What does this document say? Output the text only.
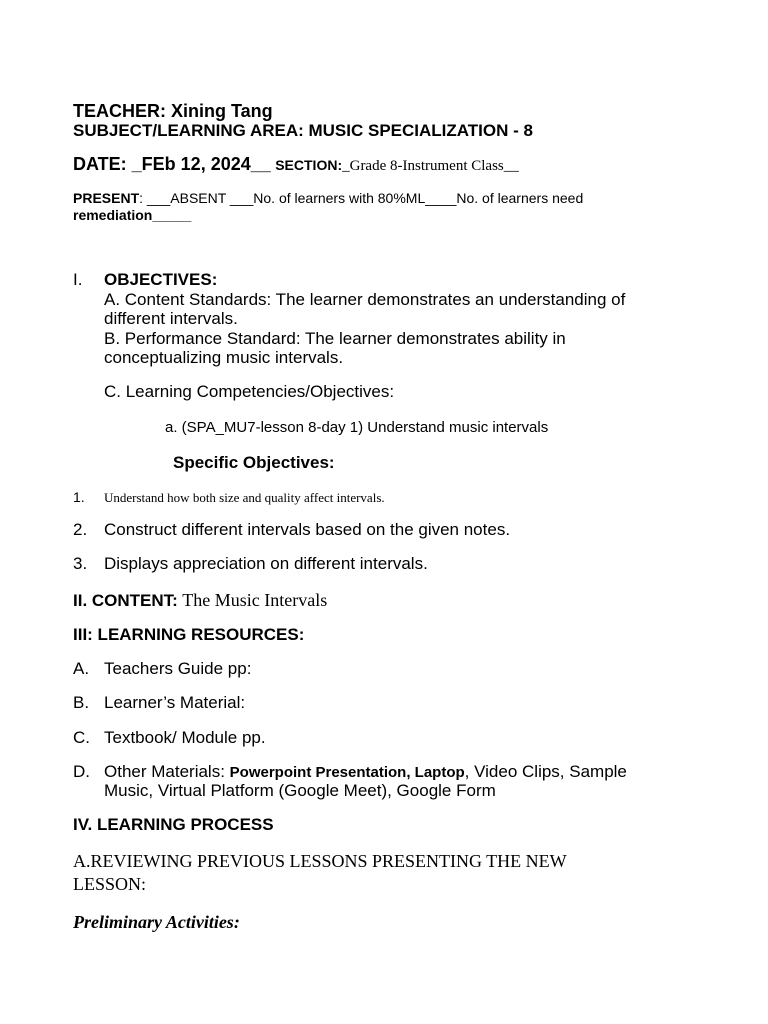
TEACHER: Xining Tang
SUBJECT/LEARNING AREA: MUSIC SPECIALIZATION - 8
DATE: _FEb 12, 2024__ SECTION:_Grade 8-Instrument Class__
PRESENT: ___ABSENT ___No. of learners with 80%ML____No. of learners need
remediation_____
I. OBJECTIVES:
A. Content Standards: The learner demonstrates an understanding of
different intervals.
B. Performance Standard: The learner demonstrates ability in
conceptualizing music intervals.
C. Learning Competencies/Objectives:
a. (SPA_MU7-lesson 8-day 1) Understand music intervals
Specific Objectives:
1. Understand how both size and quality affect intervals.
2. Construct different intervals based on the given notes.
3. Displays appreciation on different intervals.
II. CONTENT: The Music Intervals
III: LEARNING RESOURCES:
A. Teachers Guide pp:
B. Learner’s Material:
C. Textbook/ Module pp.
D. Other Materials: Powerpoint Presentation, Laptop, Video Clips, Sample
Music, Virtual Platform (Google Meet), Google Form
IV. LEARNING PROCESS
A.REVIEWING PREVIOUS LESSONS PRESENTING THE NEW
LESSON:
Preliminary Activities:
